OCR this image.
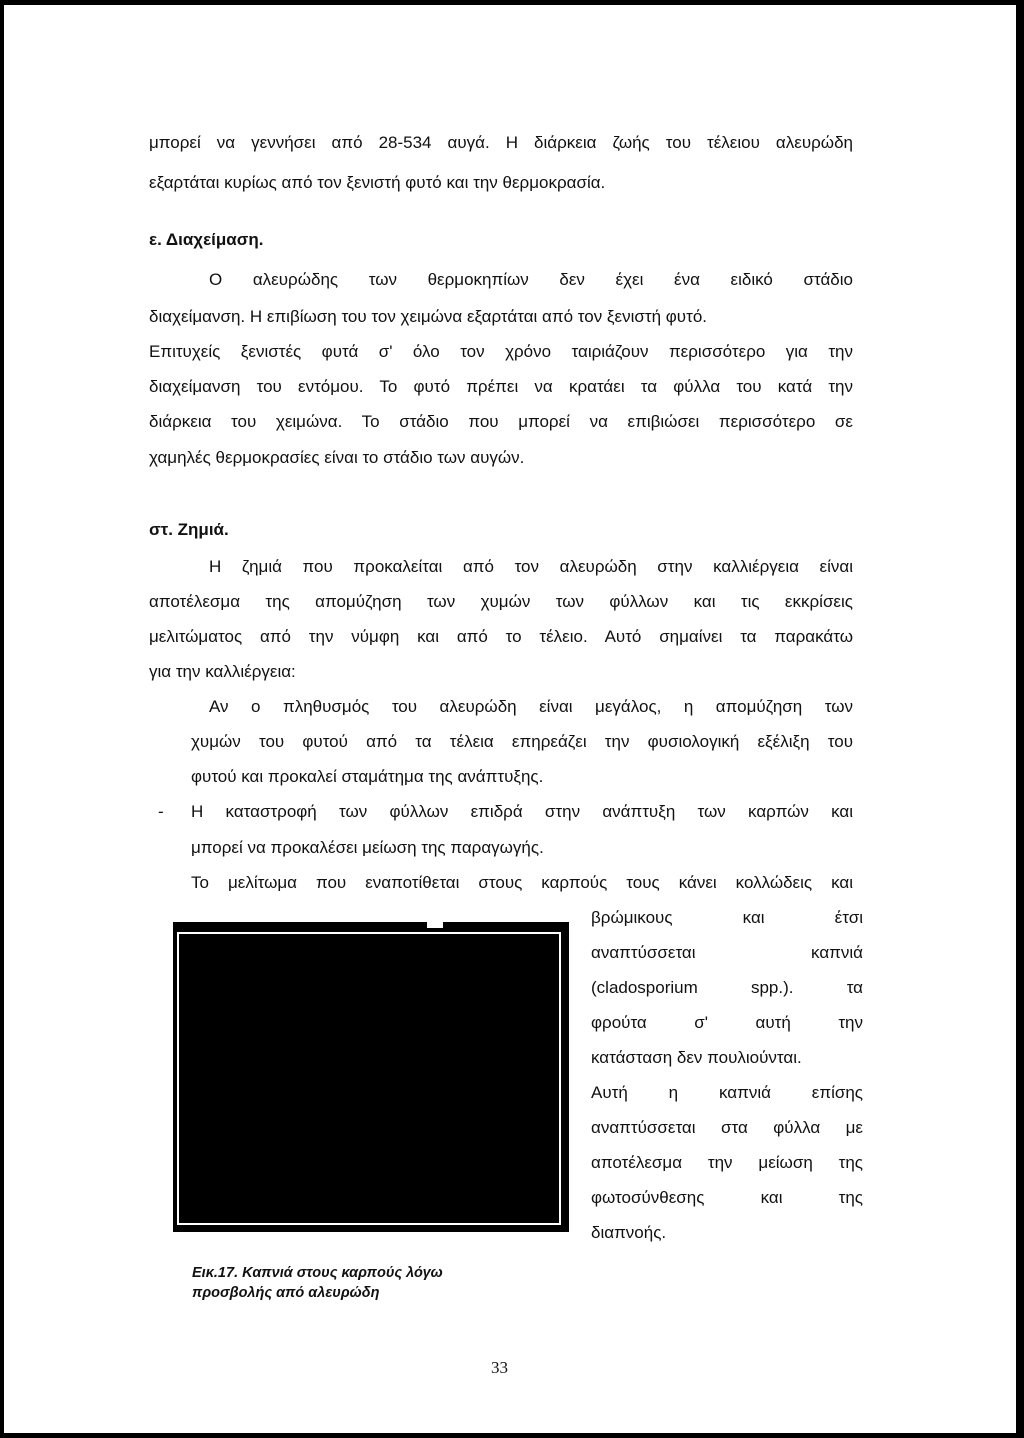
μπορεί να γεννήσει από 28-534 αυγά. Η διάρκεια ζωής του τέλειου αλευρώδη
εξαρτάται κυρίως από τον ξενιστή φυτό και την θερμοκρασία.
ε. Διαχείμαση.
Ο αλευρώδης των θερμοκηπίων δεν έχει ένα ειδικό στάδιο
διαχείμανση. Η επιβίωση του τον χειμώνα εξαρτάται από τον ξενιστή φυτό.
Επιτυχείς ξενιστές φυτά σ' όλο τον χρόνο ταιριάζουν περισσότερο για την
διαχείμανση του εντόμου. Το φυτό πρέπει να κρατάει τα φύλλα του κατά την
διάρκεια του χειμώνα. Το στάδιο που μπορεί να επιβιώσει περισσότερο σε
χαμηλές θερμοκρασίες είναι το στάδιο των αυγών.
στ. Ζημιά.
Η ζημιά που προκαλείται από τον αλευρώδη στην καλλιέργεια είναι
αποτέλεσμα της απομύζηση των χυμών των φύλλων και τις εκκρίσεις
μελιτώματος από την νύμφη και από το τέλειο. Αυτό σημαίνει τα παρακάτω
για την καλλιέργεια:
Αν ο πληθυσμός του αλευρώδη είναι μεγάλος, η απομύζηση των
χυμών του φυτού από τα τέλεια επηρεάζει την φυσιολογική εξέλιξη του
φυτού και προκαλεί σταμάτημα της ανάπτυξης.
- Η καταστροφή των φύλλων επιδρά στην ανάπτυξη των καρπών και
μπορεί να προκαλέσει μείωση της παραγωγής.
Το μελίτωμα που εναποτίθεται στους καρπούς τους κάνει κολλώδεις και
βρώμικους και έτσι
αναπτύσσεται καπνιά
(cladosporium spp.). τα
φρούτα σ' αυτή την
κατάσταση δεν πουλιούνται.
Αυτή η καπνιά επίσης
αναπτύσσεται στα φύλλα με
αποτέλεσμα την μείωση της
φωτοσύνθεσης και της
διαπνοής.
Εικ.17. Καπνιά στους καρπούς λόγω
προσβολής από αλευρώδη
33
